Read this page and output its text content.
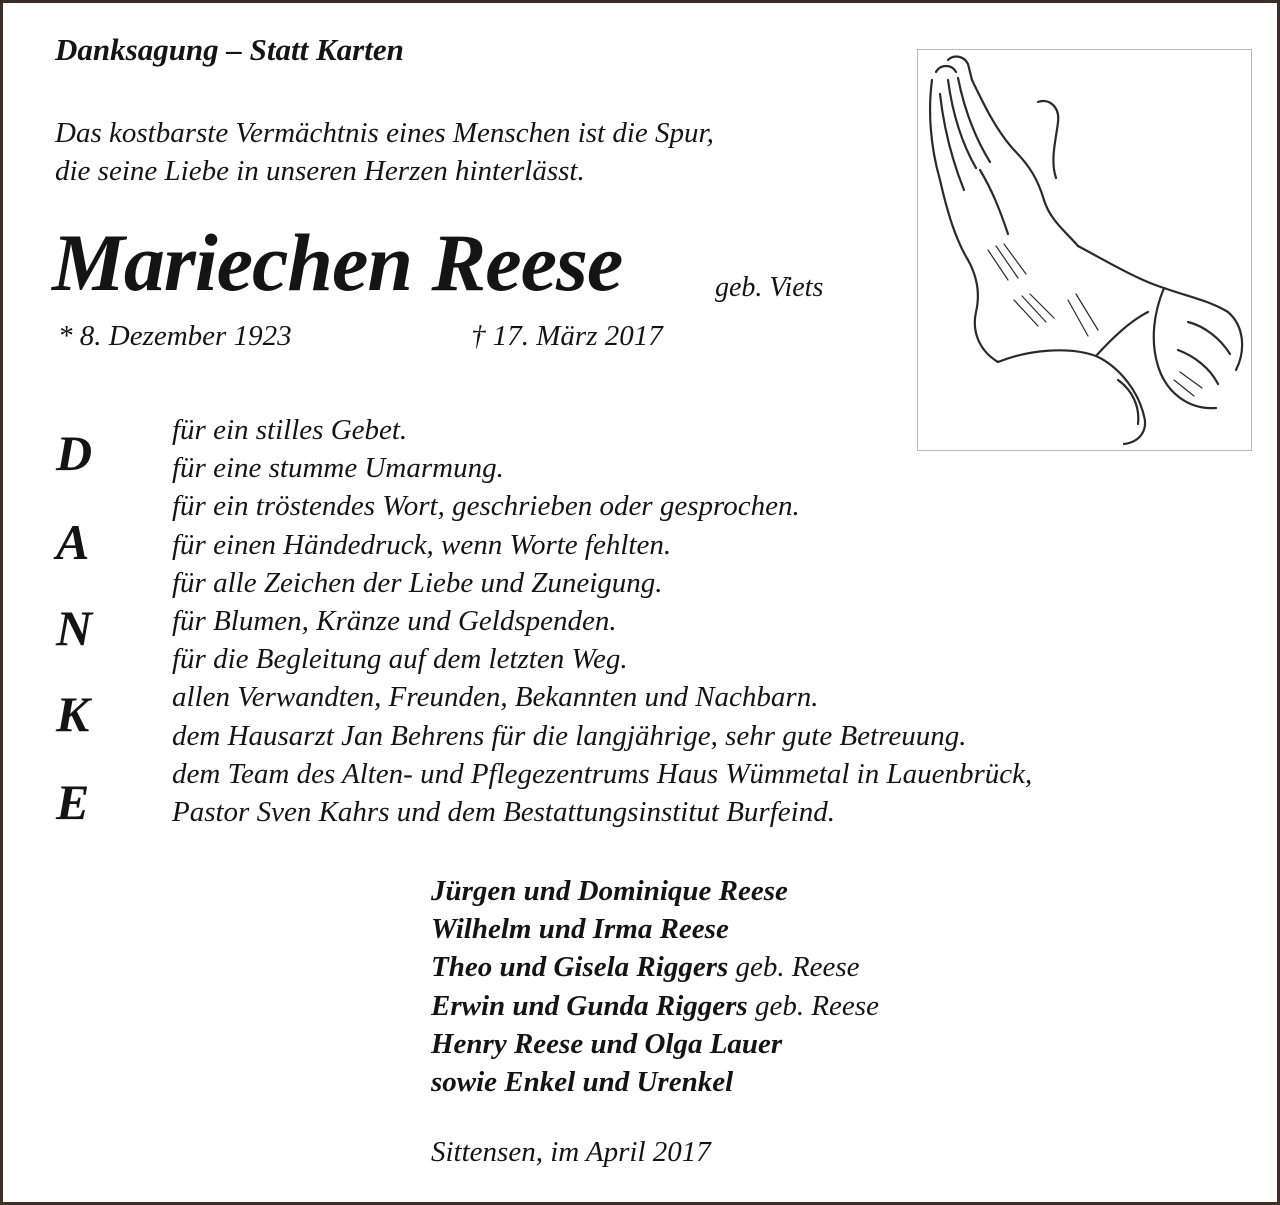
Danksagung – Statt Karten
Das kostbarste Vermächtnis eines Menschen ist die Spur,
die seine Liebe in unseren Herzen hinterlässt.
Mariechen Reese	geb. Viets
* 8. Dezember 1923	† 17. März 2017
D
A
N
K
E
für ein stilles Gebet.
für eine stumme Umarmung.
für ein tröstendes Wort, geschrieben oder gesprochen.
für einen Händedruck, wenn Worte fehlten.
für alle Zeichen der Liebe und Zuneigung.
für Blumen, Kränze und Geldspenden.
für die Begleitung auf dem letzten Weg.
allen Verwandten, Freunden, Bekannten und Nachbarn.
dem Hausarzt Jan Behrens für die langjährige, sehr gute Betreuung.
dem Team des Alten- und Pflegezentrums Haus Wümmetal in Lauenbrück,
Pastor Sven Kahrs und dem Bestattungsinstitut Burfeind.
Jürgen und Dominique Reese
Wilhelm und Irma Reese
Theo und Gisela Riggers geb. Reese
Erwin und Gunda Riggers geb. Reese
Henry Reese und Olga Lauer
sowie Enkel und Urenkel
Sittensen, im April 2017
